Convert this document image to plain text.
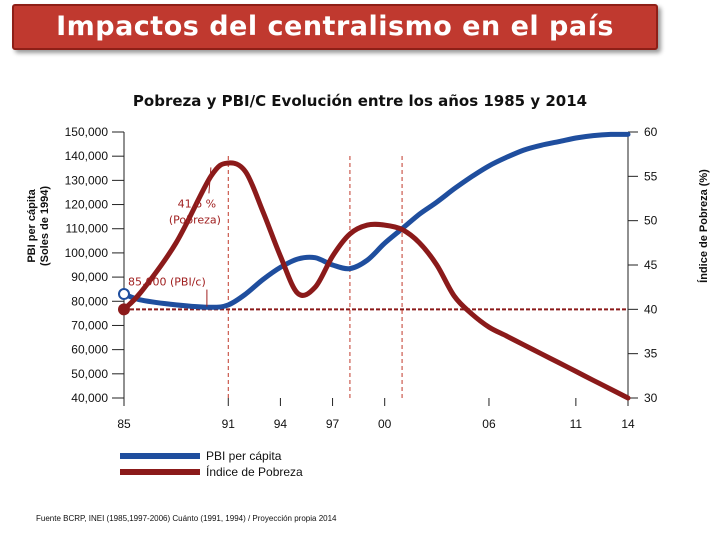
Impactos del centralismo en el país
Pobreza y PBI/C Evolución entre los años 1985 y 2014
150,000
140,000
130,000
120,000
110,000
100,000
90,000
80,000
70,000
60,000
50,000
40,000
60
55
50
45
40
35
30
85	91	94	97	00	06	11	14
PBI per cápita(Soles de 1994)	Índice de Pobreza (%)
41.6 %
(Pobreza)
85,000 (PBI/c)
PBI per cápita
Índice de Pobreza
Fuente BCRP, INEI (1985,1997-2006) Cuánto (1991, 1994) / Proyección propia 2014
